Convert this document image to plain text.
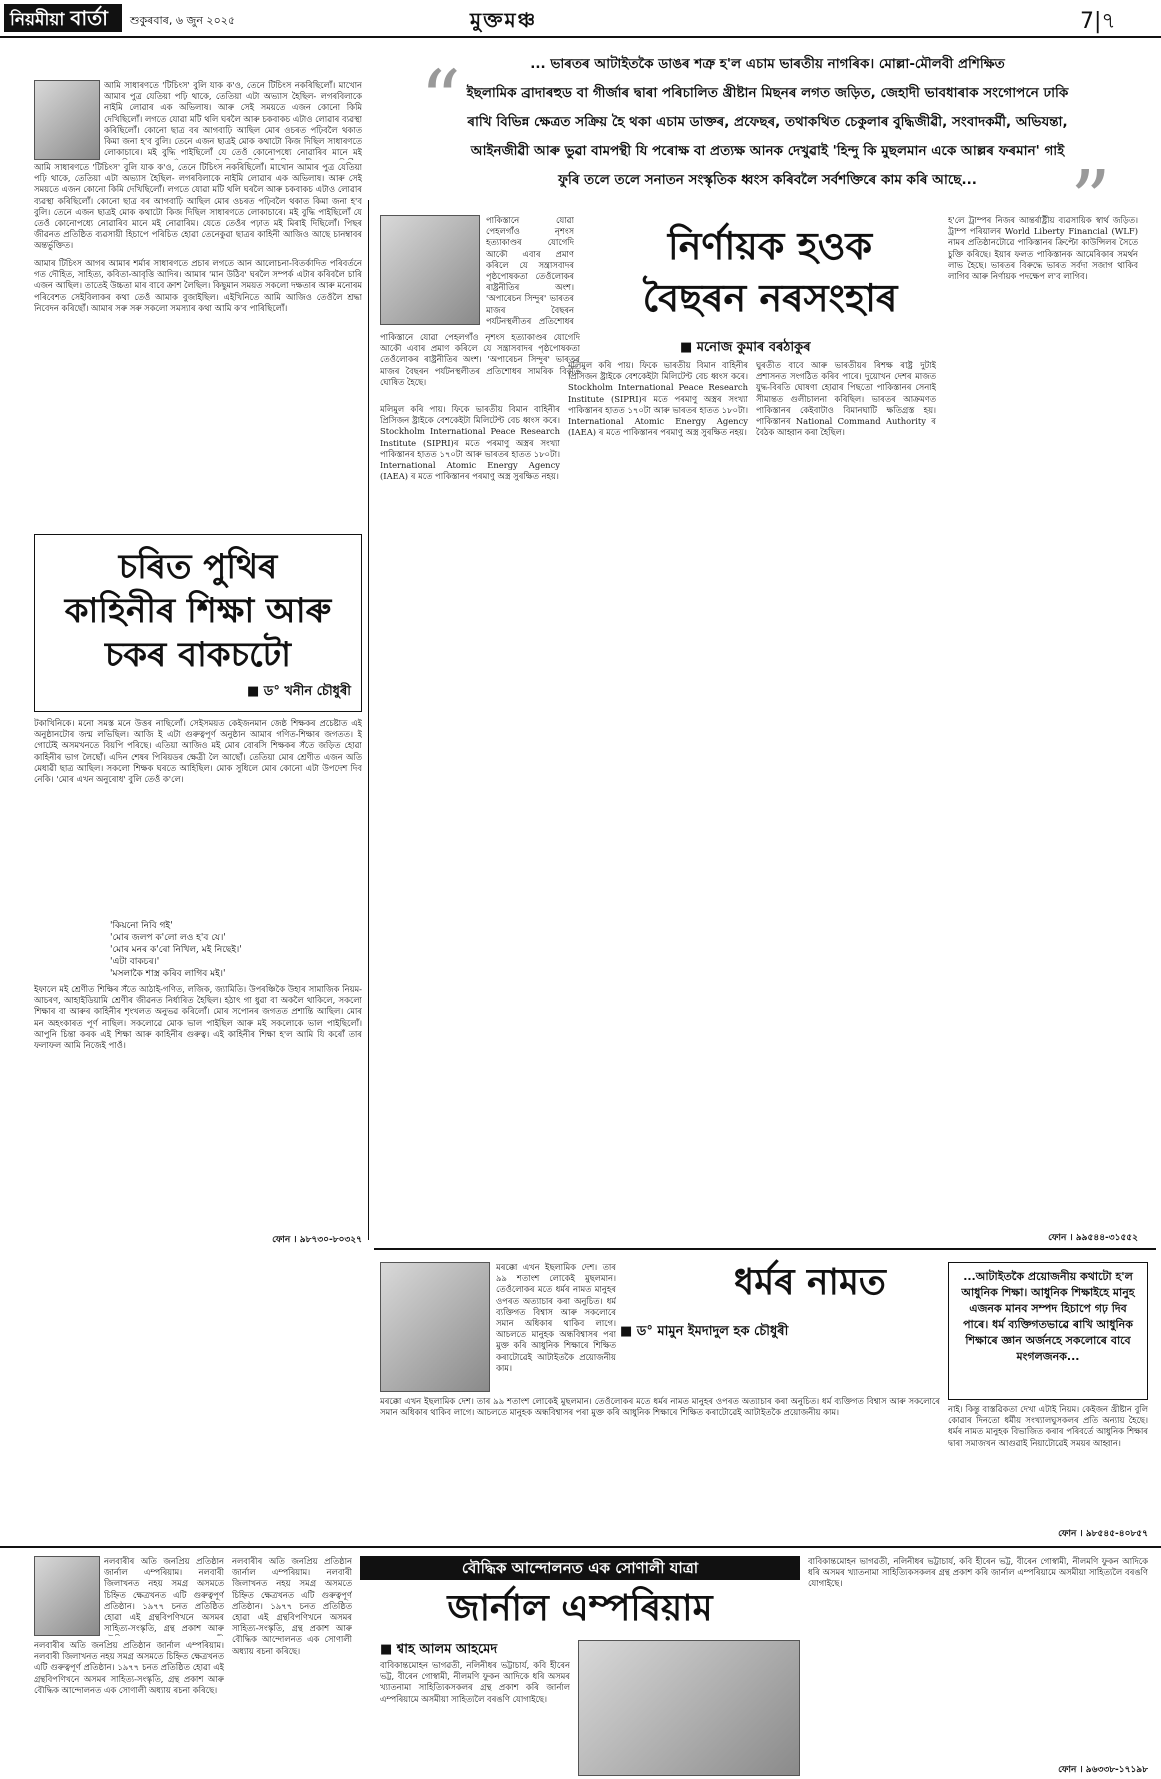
নিয়মীয়া বাৰ্তা	শুকুৰবাৰ, ৬ জুন ২০২৫	মুক্তমঞ্চ	7|৭
“	... ভাৰতৰ আটাইতকৈ ডাঙৰ শত্ৰু হ'ল এচাম ভাৰতীয় নাগৰিক। মোল্লা-মৌলবী প্ৰশিক্ষিত
ইছলামিক ব্ৰাদাৰহুড বা গীৰ্জাৰ দ্বাৰা পৰিচালিত খ্ৰীষ্টান মিছনৰ লগত জড়িত, জেহাদী ভাবধাৰাক সংগোপনে ঢাকি
ৰাখি বিভিন্ন ক্ষেত্ৰত সক্ৰিয় হৈ থকা এচাম ডাক্তৰ, প্ৰফেছৰ, তথাকথিত চেকুলাৰ বুদ্ধিজীৱী, সংবাদকৰ্মী, অভিযন্তা,
আইনজীৱী আৰু ভুৱা বামপন্থী যি পৰোক্ষ বা প্ৰত্যক্ষ আনক দেখুৱাই 'হিন্দু কি মুছলমান একে আল্লৰ ফৰমান' গাই
ফুৰি তলে তলে সনাতন সংস্কৃতিক ধ্বংস কৰিবলৈ সৰ্বশক্তিৰে কাম কৰি আছে...	”
আমি সাধাৰণতে 'টিচিংস' বুলি যাক ক'ও, তেনে টিচিংস নকৰিছিলোঁ। মাখোন আমাৰ পুত্ৰ যেতিয়া পঢ়ি থাকে, তেতিয়া এটা অভ্যাস হৈছিল- লগৰবিলাকে নাইমি লোৱাৰ এক অভিলাষ। আৰু সেই সময়তে এজন কোনো কিমি দেখিছিলোঁ। লগতে যোৱা মটি থলি ঘৰলৈ আৰু চকবাকচ এটাও লোৱাৰ ব্যৱস্থা কৰিছিলোঁ। কোনো ছাত্ৰ বৰ আগবাঢ়ি আছিল মোৰ ওচৰত পঢ়িবলৈ থকাত কিমা জনা হ'ব বুলি। তেনে এজন ছাত্ৰই মোক কথাটো কিজ দিছিল সাধাৰণতে লোকাচাৰে। মই বুদ্ধি পাইছিলোঁ যে তেওঁ কোনোপধ্যে নোৱাৰিব মানে মই
আমি সাধাৰণতে 'টিচিংস' বুলি যাক ক'ও, তেনে টিচিংস নকৰিছিলোঁ। মাখোন আমাৰ পুত্ৰ যেতিয়া পঢ়ি থাকে, তেতিয়া এটা অভ্যাস হৈছিল- লগৰবিলাকে নাইমি লোৱাৰ এক অভিলাষ। আৰু সেই সময়তে এজন কোনো কিমি দেখিছিলোঁ। লগতে যোৱা মটি থলি ঘৰলৈ আৰু চকবাকচ এটাও লোৱাৰ ব্যৱস্থা কৰিছিলোঁ। কোনো ছাত্ৰ বৰ আগবাঢ়ি আছিল মোৰ ওচৰত পঢ়িবলৈ থকাত কিমা জনা হ'ব বুলি। তেনে এজন ছাত্ৰই মোক কথাটো কিজ দিছিল সাধাৰণতে লোকাচাৰে। মই বুদ্ধি পাইছিলোঁ যে তেওঁ কোনোপধ্যে নোৱাৰিব মানে মই নোৱাৰিম। যেতে তেওঁৰ পঢ়াত মই মিৰাই দিছিলোঁ। পিছৰ জীৱনত প্ৰতিষ্ঠিত ব্যৱসায়ী হিচাপে পৰিচিত হোৱা তেনেকুৱা ছাত্ৰৰ কাহিনী আজিও আছে চানম্বাবৰ অন্তৰ্ভুক্তিত।
আমাৰ টিচিংস আগৰ আমাৰ শৰ্মাৰ সাধাৰণতে প্ৰচাৰ লগতে আন আলোচনা-বিতৰ্কাদিত পৰিবৰ্তনে গত দৌহিত, সাহিত্য, কবিতা-আবৃত্তি আদিৰ। আমাৰ 'মান উঠিব' ঘৰলৈ সম্পৰ্ক এটাৰ কৰিবলৈ চাৰি এজন আছিল। তাতেই উচ্চতা মাৰ বাবে ক্ৰাশ লৈছিল। কিছুমান সময়ত সকলো দক্ষতাৰ আৰু মনোৰম পৰিবেশত সেইবিলাকৰ কথা তেওঁ আমাক বুজাইছিল। এইখিনিতে আমি আজিও তেওঁলৈ শ্ৰদ্ধা নিবেদন কৰিছোঁ। আমাৰ সৰু সৰু সকলো সমস্যাৰ কথা আমি ক'ব পাৰিছিলোঁ।
চৰিত পুথিৰ
কাহিনীৰ শিক্ষা আৰু
চকৰ বাকচটো
■ ড° খনীন চৌধুৰী
টকাখিনিকে। মনো সমস্ত মনে উত্তৰ নাছিলোঁ। সেইসময়ত কেইজনমান জেষ্ঠ শিক্ষকৰ প্ৰচেষ্টাত এই অনুষ্ঠানটোৰ জন্ম লভিছিল। আজি ই এটা গুৰুত্বপূৰ্ণ অনুষ্ঠান আমাৰ গণিত-শিক্ষাৰ জগতত। ই গোটেই অসমখনতে বিয়পি পৰিছে। এতিয়া আজিও মই মোৰ বোৰসি শিক্ষকৰ সঁতে জড়িত হোৱা কাহিনীৰ ভাগ লৈছোঁ। এদিন শেষৰ পিৰিয়ডৰ ক্ষেত্ৰী লৈ আছোঁ। তেতিয়া মোৰ শ্ৰেণীত এজন অতি মেধাৱী ছাত্ৰ আছিল। সকলো শিক্ষক ঘৰতে আহিছিল। মোক সুধিলে মোৰ কোনো এটা উপদেশ দিব নেকি। 'মোৰ এখন অনুৰোধ' বুলি তেওঁ ক'লে।
'কিয়নো নিবি গই'
'মোৰ জলপ ক'লো লও হ'ব যে।'
'মোৰ মনৰ ক'ৰো নিখিল, মই নিছেই।'
'এটা বাকচৰ।'
'মসলাকৈ শাস্ত্ৰ কৰিব লাগিব মই।'
ইফালে মই শ্ৰেণীত শিক্ষিৰ সঁতে আঠাই-গণিত, লজিক, জ্যামিতি। উপৰঞ্চিকৈ উহাৰ সামাজিক নিয়ম-আচৰণ, আহাইডিয়ামি শ্ৰেণীৰ জীৱনত নিৰ্ধাৰিত হৈছিল। হঠাৎ গা ধুৱা বা অকলৈ থাকিলে, সকলো শিক্ষাৰ বা আৰুৰ কাহিনীৰ শৃংখলত অনুভৱ কৰিলোঁ। মোৰ সপোনৰ জগতত প্ৰশান্তি আছিল। মোৰ মন অহংকাৰত পূৰ্ণ নাছিল। সকলোৱে মোক ভাল পাইছিল আৰু মই সকলোকে ভাল পাইছিলোঁ। আপুনি চিন্তা কৰক এই শিক্ষা আৰু কাহিনীৰ গুৰুত্ব। এই কাহিনীৰ শিক্ষা হ'ল আমি যি কৰোঁ তাৰ ফলাফল আমি নিজেই পাওঁ।
ফোন । ৯৮৭৩০-৮০৩২৭
পাকিস্তানে যোৱা পেহলগাঁও নৃশংস হত্যাকাণ্ডৰ যোগেদি আকৌ এবাৰ প্ৰমাণ কৰিলে যে সন্ত্ৰাসবাদৰ পৃষ্ঠপোষকতা তেওঁলোকৰ ৰাষ্ট্ৰনীতিৰ অংশ। 'অপাৰেচন সিন্দুৰ' ভাৰতৰ মাজৰ বৈছৰন পৰ্যটনস্থলীতৰ প্ৰতিশোধৰ
নিৰ্ণায়ক হওক
বৈছৰন নৰসংহাৰ
■ মনোজ কুমাৰ বৰঠাকুৰ
পাকিস্তানে যোৱা পেহলগাঁও নৃশংস হত্যাকাণ্ডৰ যোগেদি আকৌ এবাৰ প্ৰমাণ কৰিলে যে সন্ত্ৰাসবাদৰ পৃষ্ঠপোষকতা তেওঁলোকৰ ৰাষ্ট্ৰনীতিৰ অংশ। 'অপাৰেচন সিন্দুৰ' ভাৰতৰ মাজৰ বৈছৰন পৰ্যটনস্থলীতৰ প্ৰতিশোধৰ সামৰিক বিবৃতি ঘোষিত হৈছে।
মলিমুল কৰি পায়। ফিকে ভাৰতীয় বিমান বাহিনীৰ প্ৰিসিজন ষ্ট্ৰাইকে বেশকেইটা মিলিটেণ্ট বেচ ধ্বংস কৰে। Stockholm International Peace Research Institute (SIPRI)ৰ মতে পৰমাণু অস্ত্ৰৰ সংখ্যা পাকিস্তানৰ হাতত ১৭০টা আৰু ভাৰতৰ হাতত ১৮০টা। International Atomic Energy Agency (IAEA) ৰ মতে পাকিস্তানৰ পৰমাণু অস্ত্ৰ সুৰক্ষিত নহয়।
মলিমুল কৰি পায়। ফিকে ভাৰতীয় বিমান বাহিনীৰ প্ৰিসিজন ষ্ট্ৰাইকে বেশকেইটা মিলিটেণ্ট বেচ ধ্বংস কৰে। Stockholm International Peace Research Institute (SIPRI)ৰ মতে পৰমাণু অস্ত্ৰৰ সংখ্যা পাকিস্তানৰ হাতত ১৭০টা আৰু ভাৰতৰ হাতত ১৮০টা। International Atomic Energy Agency (IAEA) ৰ মতে পাকিস্তানৰ পৰমাণু অস্ত্ৰ সুৰক্ষিত নহয়।
ঘুৰতীত বাবে আৰু ভাৰতীয়ৰ ৰিশক্ষ ৰাষ্ট্ৰ দুটাই প্ৰশাসনত সংগঠিত কৰিব পাৰে। দুয়োখন দেশৰ মাজত যুদ্ধ-বিৰতি ঘোষণা হোৱাৰ পিছতো পাকিস্তানৰ সেনাই সীমান্তত গুলীচালনা কৰিছিল। ভাৰতৰ আক্ৰমণত পাকিস্তানৰ কেইবাটাও বিমানঘাটি ক্ষতিগ্ৰস্ত হয়। পাকিস্তানৰ National Command Authority ৰ বৈঠক আহ্বান কৰা হৈছিল।
হ'লে ট্ৰাম্পৰ নিজৰ আন্তৰ্ৰাষ্ট্ৰীয় ব্যৱসায়িক স্বাৰ্থ জড়িত। ট্ৰাম্প পৰিয়ালৰ World Liberty Financial (WLF) নামৰ প্ৰতিষ্ঠানটোৱে পাকিস্তানৰ ক্ৰিপ্টো কাউন্সিলৰ সৈতে চুক্তি কৰিছে। ইয়াৰ ফলত পাকিস্তানক আমেৰিকাৰ সমৰ্থন লাভ হৈছে। ভাৰতৰ বিৰুদ্ধে ভাৰত সৰ্বদা সজাগ থাকিব লাগিব আৰু নিৰ্ণায়ক পদক্ষেপ ল'ব লাগিব।
ফোন । ৯৯৫৪৪-৩১৫৫২
ধৰ্মৰ নামত
■ ড° মামুন ইমদাদুল হক চৌধুৰী
মৰক্কো এখন ইছলামিক দেশ। তাৰ ৯৯ শতাংশ লোকেই মুছলমান। তেওঁলোকৰ মতে ধৰ্মৰ নামত মানুহৰ ওপৰত অত্যাচাৰ কৰা অনুচিত। ধৰ্ম ব্যক্তিগত বিশ্বাস আৰু সকলোৰে সমান অধিকাৰ থাকিব লাগে। আচলতে মানুহক অন্ধবিশ্বাসৰ পৰা মুক্ত কৰি আধুনিক শিক্ষাৰে শিক্ষিত কৰাটোৱেই আটাইতকৈ প্ৰয়োজনীয় কাম।
মৰক্কো এখন ইছলামিক দেশ। তাৰ ৯৯ শতাংশ লোকেই মুছলমান। তেওঁলোকৰ মতে ধৰ্মৰ নামত মানুহৰ ওপৰত অত্যাচাৰ কৰা অনুচিত। ধৰ্ম ব্যক্তিগত বিশ্বাস আৰু সকলোৰে সমান অধিকাৰ থাকিব লাগে। আচলতে মানুহক অন্ধবিশ্বাসৰ পৰা মুক্ত কৰি আধুনিক শিক্ষাৰে শিক্ষিত কৰাটোৱেই আটাইতকৈ প্ৰয়োজনীয় কাম।
...আটাইতকৈ প্ৰয়োজনীয় কথাটো হ'ল আধুনিক শিক্ষা। আধুনিক শিক্ষাইহে মানুহ এজনক মানব সম্পদ হিচাপে গঢ় দিব পাৰে। ধৰ্ম ব্যক্তিগতভাৱে ৰাখি আধুনিক শিক্ষাৰে জ্ঞান অৰ্জনহে সকলোৰে বাবে মংগলজনক...
নাই। কিন্তু বাস্তৱিকতা দেখা এটাই নিয়ম। কেইজন খ্ৰীষ্টান বুলি কোৱাৰ দিনতো ধৰ্মীয় সংখ্যালঘুসকলৰ প্ৰতি অন্যায় হৈছে। ধৰ্মৰ নামত মানুহক বিভাজিত কৰাৰ পৰিবৰ্তে আধুনিক শিক্ষাৰ দ্বাৰা সমাজখন আগুৱাই নিয়াটোৱেই সময়ৰ আহ্বান।
ফোন । ৯৮৫৪৫-৪০৮৫৭
নলবাৰীৰ অতি জনপ্ৰিয় প্ৰতিষ্ঠান জাৰ্নাল এম্পৰিয়াম। নলবাৰী জিলাখনত নহয় সমগ্ৰ অসমতে চিহ্নিত ক্ষেত্ৰখনত এটি গুৰুত্বপূৰ্ণ প্ৰতিষ্ঠান। ১৯৭৭ চনত প্ৰতিষ্ঠিত হোৱা এই গ্ৰন্থবিপণিখনে অসমৰ সাহিত্য-সংস্কৃতি, গ্ৰন্থ প্ৰকাশ আৰু
নলবাৰীৰ অতি জনপ্ৰিয় প্ৰতিষ্ঠান জাৰ্নাল এম্পৰিয়াম। নলবাৰী জিলাখনত নহয় সমগ্ৰ অসমতে চিহ্নিত ক্ষেত্ৰখনত এটি গুৰুত্বপূৰ্ণ প্ৰতিষ্ঠান। ১৯৭৭ চনত প্ৰতিষ্ঠিত হোৱা এই গ্ৰন্থবিপণিখনে অসমৰ সাহিত্য-সংস্কৃতি, গ্ৰন্থ প্ৰকাশ আৰু বৌদ্ধিক আন্দোলনত এক সোণালী অধ্যায় ৰচনা কৰিছে।
নলবাৰীৰ অতি জনপ্ৰিয় প্ৰতিষ্ঠান জাৰ্নাল এম্পৰিয়াম। নলবাৰী জিলাখনত নহয় সমগ্ৰ অসমতে চিহ্নিত ক্ষেত্ৰখনত এটি গুৰুত্বপূৰ্ণ প্ৰতিষ্ঠান। ১৯৭৭ চনত প্ৰতিষ্ঠিত হোৱা এই গ্ৰন্থবিপণিখনে অসমৰ সাহিত্য-সংস্কৃতি, গ্ৰন্থ প্ৰকাশ আৰু বৌদ্ধিক আন্দোলনত এক সোণালী অধ্যায় ৰচনা কৰিছে।
বৌদ্ধিক আন্দোলনত এক সোণালী যাত্ৰা
জাৰ্নাল এম্পৰিয়াম
■ শ্বাহ আলম আহমেদ
বাবিকান্তমোহন ভাগৱতী, নলিনীধৰ ভট্টাচাৰ্য, কবি হীৰেন ভট্ট, বীৰেন গোস্বামী, নীলমণি ফুকন আদিকে ধৰি অসমৰ খ্যাতনামা সাহিত্যিকসকলৰ গ্ৰন্থ প্ৰকাশ কৰি জাৰ্নাল এম্পৰিয়ামে অসমীয়া সাহিত্যলৈ বৰঙণি যোগাইছে।
বাবিকান্তমোহন ভাগৱতী, নলিনীধৰ ভট্টাচাৰ্য, কবি হীৰেন ভট্ট, বীৰেন গোস্বামী, নীলমণি ফুকন আদিকে ধৰি অসমৰ খ্যাতনামা সাহিত্যিকসকলৰ গ্ৰন্থ প্ৰকাশ কৰি জাৰ্নাল এম্পৰিয়ামে অসমীয়া সাহিত্যলৈ বৰঙণি যোগাইছে।
ফোন । ৯৬৩৩৮-১৭১৯৮
